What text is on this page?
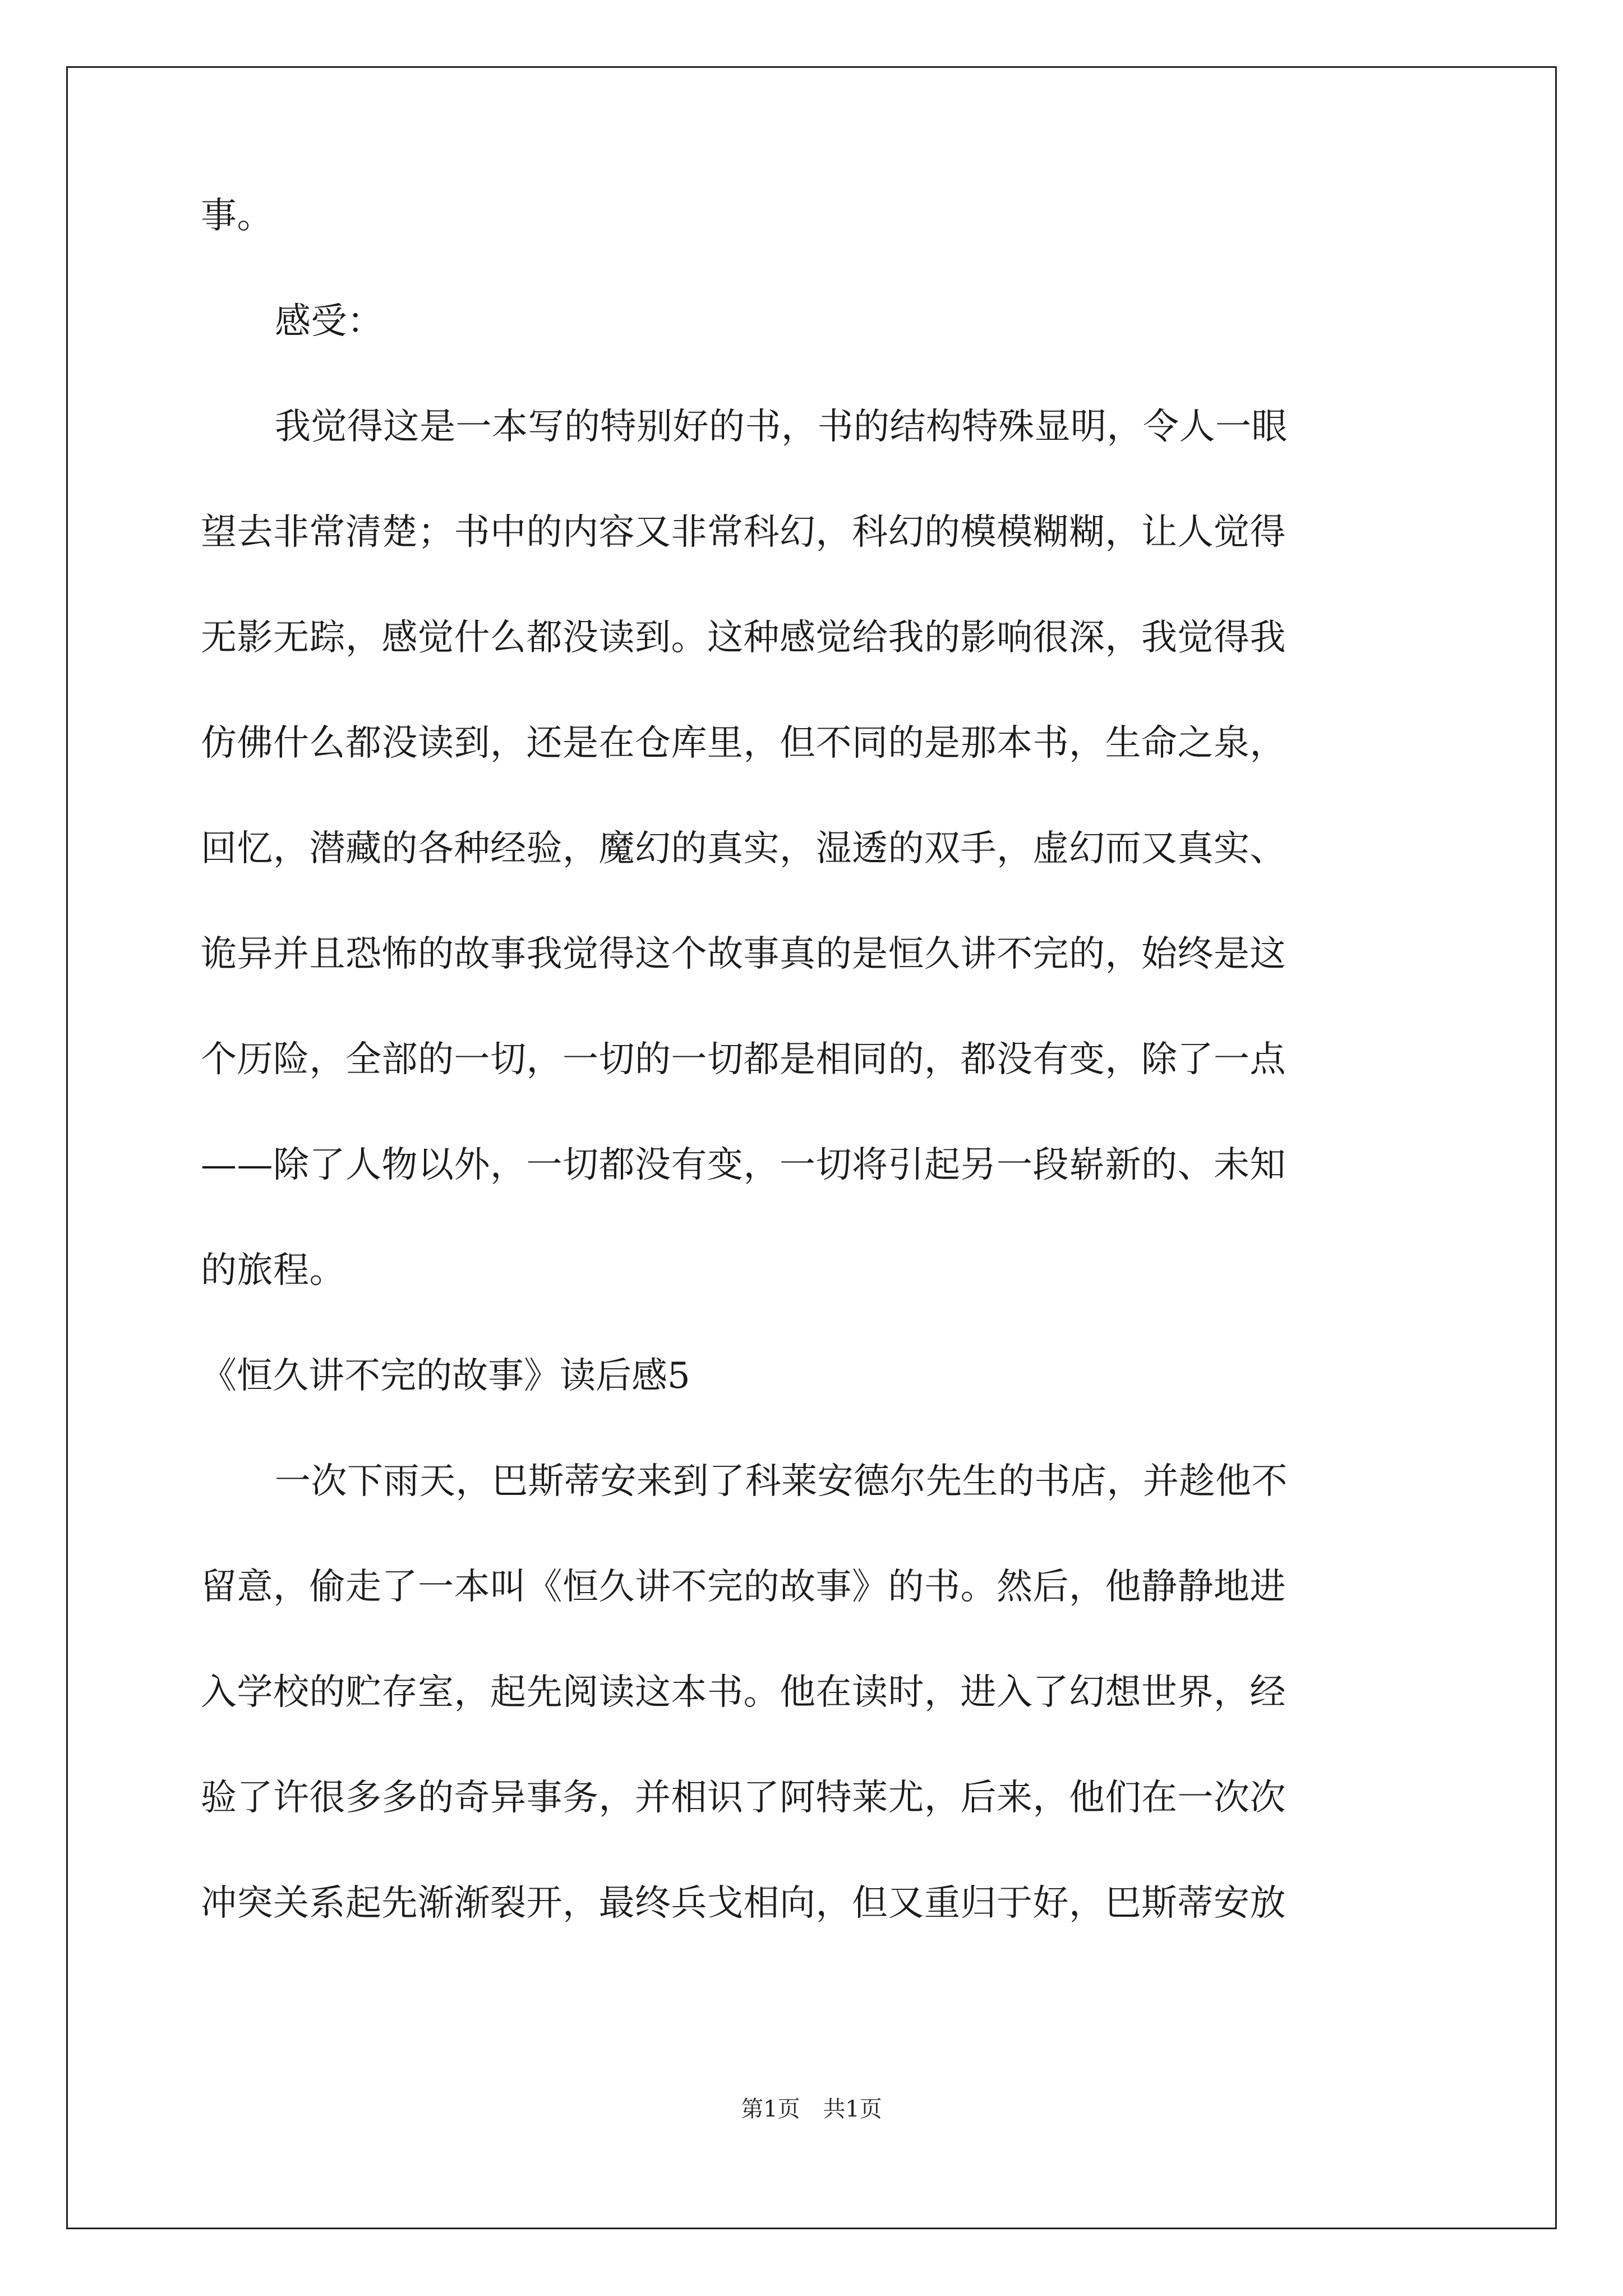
事。
感受：
我觉得这是一本写的特别好的书，书的结构特殊显明，令人一眼
望去非常清楚；书中的内容又非常科幻，科幻的模模糊糊，让人觉得
无影无踪，感觉什么都没读到。这种感觉给我的影响很深，我觉得我
仿佛什么都没读到，还是在仓库里，但不同的是那本书，生命之泉，
回忆，潜藏的各种经验，魔幻的真实，湿透的双手，虚幻而又真实、
诡异并且恐怖的故事我觉得这个故事真的是恒久讲不完的，始终是这
个历险，全部的一切，一切的一切都是相同的，都没有变，除了一点
——除了人物以外，一切都没有变，一切将引起另一段崭新的、未知
的旅程。
《恒久讲不完的故事》读后感5
一次下雨天，巴斯蒂安来到了科莱安德尔先生的书店，并趁他不
留意，偷走了一本叫《恒久讲不完的故事》的书。然后，他静静地进
入学校的贮存室，起先阅读这本书。他在读时，进入了幻想世界，经
验了许很多多的奇异事务，并相识了阿特莱尤，后来，他们在一次次
冲突关系起先渐渐裂开，最终兵戈相向，但又重归于好，巴斯蒂安放
第1页 共1页
